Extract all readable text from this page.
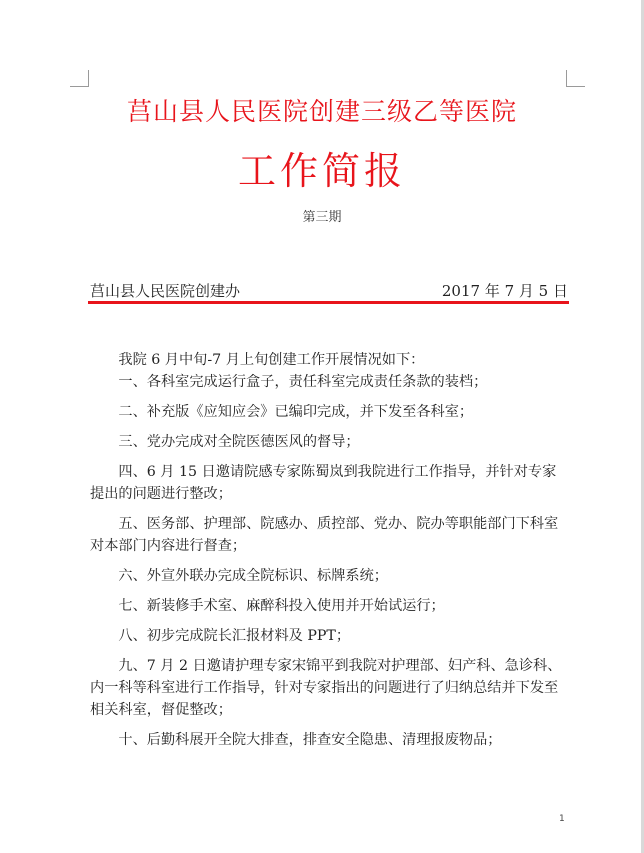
莒山县人民医院创建三级乙等医院
工作简报
第三期
莒山县人民医院创建办	2017 年 7 月 5 日

我院 6 月中旬-7 月上旬创建工作开展情况如下：

一、各科室完成运行盒子，责任科室完成责任条款的装档；

二、补充版《应知应会》已编印完成，并下发至各科室；

三、党办完成对全院医德医风的督导；

四、6 月 15 日邀请院感专家陈蜀岚到我院进行工作指导，并针对专家提出的问题进行整改；

五、医务部、护理部、院感办、质控部、党办、院办等职能部门下科室对本部门内容进行督查；

六、外宣外联办完成全院标识、标牌系统；

七、新装修手术室、麻醉科投入使用并开始试运行；

八、初步完成院长汇报材料及 PPT；

九、7 月 2 日邀请护理专家宋锦平到我院对护理部、妇产科、急诊科、内一科等科室进行工作指导，针对专家指出的问题进行了归纳总结并下发至相关科室，督促整改；

十、后勤科展开全院大排查，排查安全隐患、清理报废物品；

1
